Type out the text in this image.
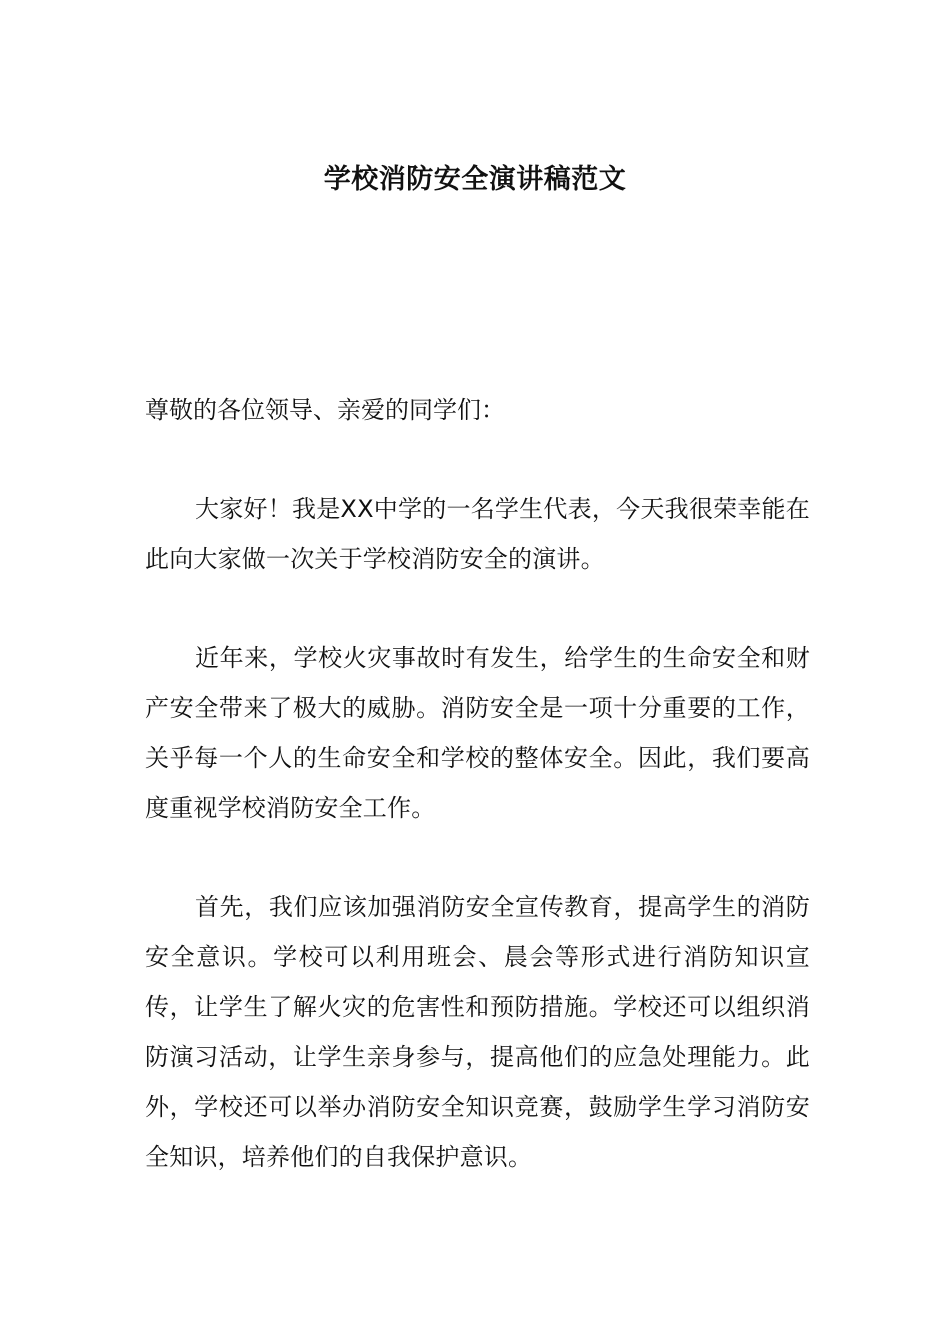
学校消防安全演讲稿范文

尊敬的各位领导、亲爱的同学们：

大家好！我是XX中学的一名学生代表，今天我很荣幸能在此向大家做一次关于学校消防安全的演讲。

近年来，学校火灾事故时有发生，给学生的生命安全和财产安全带来了极大的威胁。消防安全是一项十分重要的工作，关乎每一个人的生命安全和学校的整体安全。因此，我们要高度重视学校消防安全工作。

首先，我们应该加强消防安全宣传教育，提高学生的消防安全意识。学校可以利用班会、晨会等形式进行消防知识宣传，让学生了解火灾的危害性和预防措施。学校还可以组织消防演习活动，让学生亲身参与，提高他们的应急处理能力。此外，学校还可以举办消防安全知识竞赛，鼓励学生学习消防安全知识，培养他们的自我保护意识。
